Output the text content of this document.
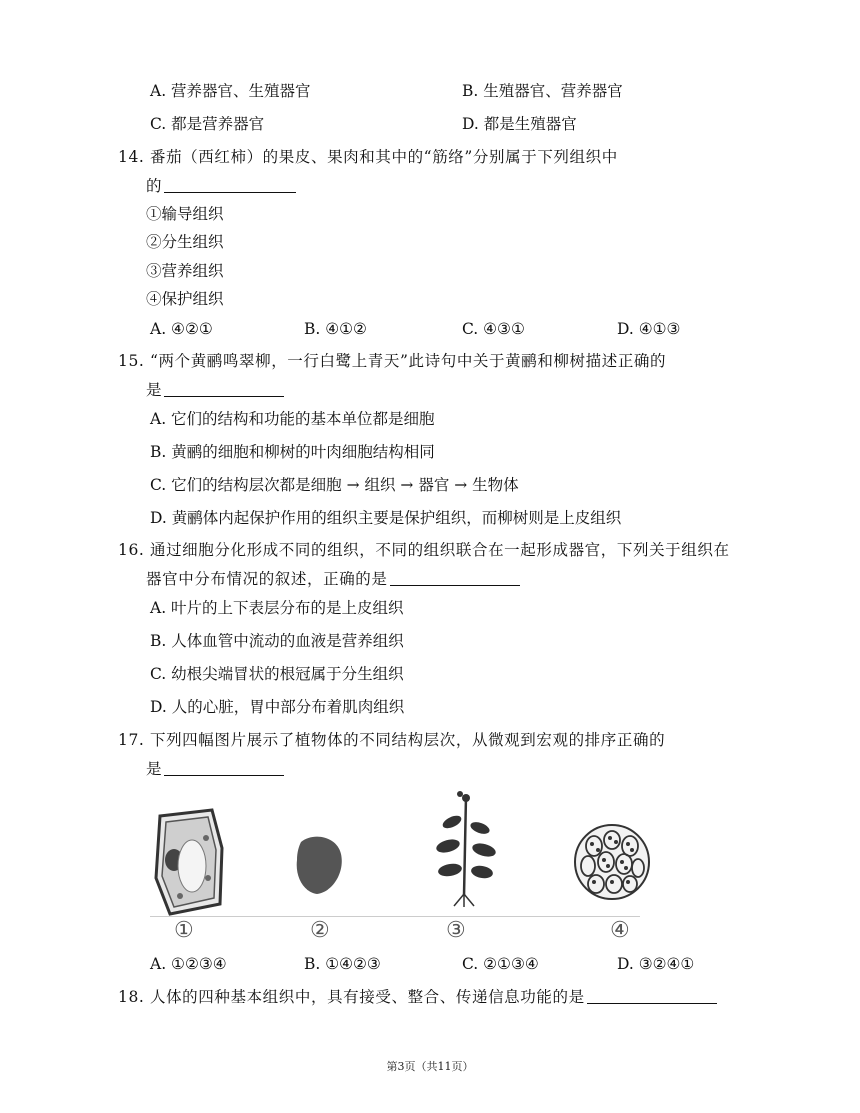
A. 营养器官、生殖器官	B. 生殖器官、营养器官
C. 都是营养器官	D. 都是生殖器官
14. 番茄（西红柿）的果皮、果肉和其中的“筋络”分别属于下列组织中
的
①输导组织
②分生组织
③营养组织
④保护组织
A. ④②①	B. ④①②	C. ④③①	D. ④①③
15. “两个黄鹂鸣翠柳，一行白鹭上青天”此诗句中关于黄鹂和柳树描述正确的
是
A. 它们的结构和功能的基本单位都是细胞
B. 黄鹂的细胞和柳树的叶肉细胞结构相同
C. 它们的结构层次都是细胞 → 组织 → 器官 → 生物体
D. 黄鹂体内起保护作用的组织主要是保护组织，而柳树则是上皮组织
16. 通过细胞分化形成不同的组织，不同的组织联合在一起形成器官，下列关于组织在
器官中分布情况的叙述，正确的是
A. 叶片的上下表层分布的是上皮组织
B. 人体血管中流动的血液是营养组织
C. 幼根尖端冒状的根冠属于分生组织
D. 人的心脏，胃中部分布着肌肉组织
17. 下列四幅图片展示了植物体的不同结构层次，从微观到宏观的排序正确的
是
①	②	③	④
A. ①②③④	B. ①④②③	C. ②①③④	D. ③②④①
18. 人体的四种基本组织中，具有接受、整合、传递信息功能的是
第3页（共11页）
